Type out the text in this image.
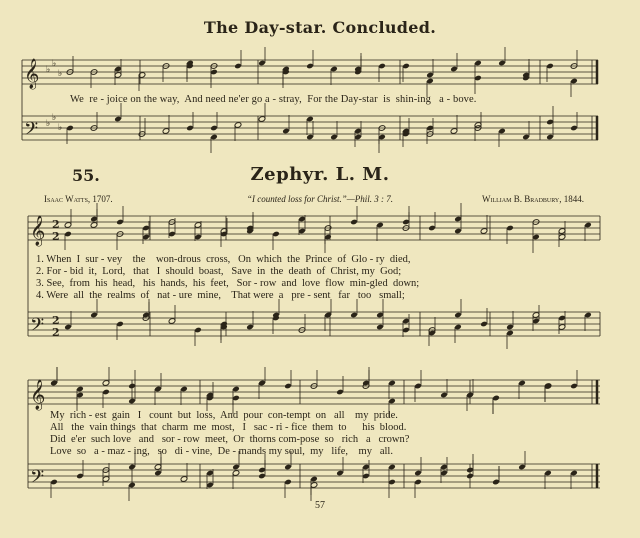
𝄞
𝄢
♭
♭
♭
♭
♭
♭
𝄞
𝄢
2
2
2
2
𝄞
𝄢
The Day-star. Concluded.
We  re - joice on the way,  And need ne'er go a - stray,  For the Day-star  is  shin-ing   a - bove.
55.	Zephyr. L. M.
Isaac Watts, 1707.	“I counted loss for Christ.”—Phil. 3 : 7.	William B. Bradbury, 1844.
1. When  I  sur - vey    the    won-drous  cross,   On  which  the  Prince  of  Glo - ry  died,
2. For - bid  it,  Lord,   that   I  should  boast,   Save  in  the  death  of  Christ, my  God;
3. See,  from  his  head,   his  hands,  his  feet,   Sor - row  and  love  flow  min-gled  down;
4. Were  all  the  realms  of   nat - ure  mine,    That were  a   pre - sent   far   too   small;
My  rich - est  gain   I   count  but  loss,  And  pour  con-tempt  on   all    my  pride.
All   the  vain things  that  charm  me  most,   I   sac - ri - fice  them  to      his  blood.
Did  e'er  such love   and   sor - row  meet,  Or  thorns com-pose  so   rich   a   crown?
Love  so   a - maz - ing,   so   di - vine,  De - mands my soul,  my   life,    my   all.
57
